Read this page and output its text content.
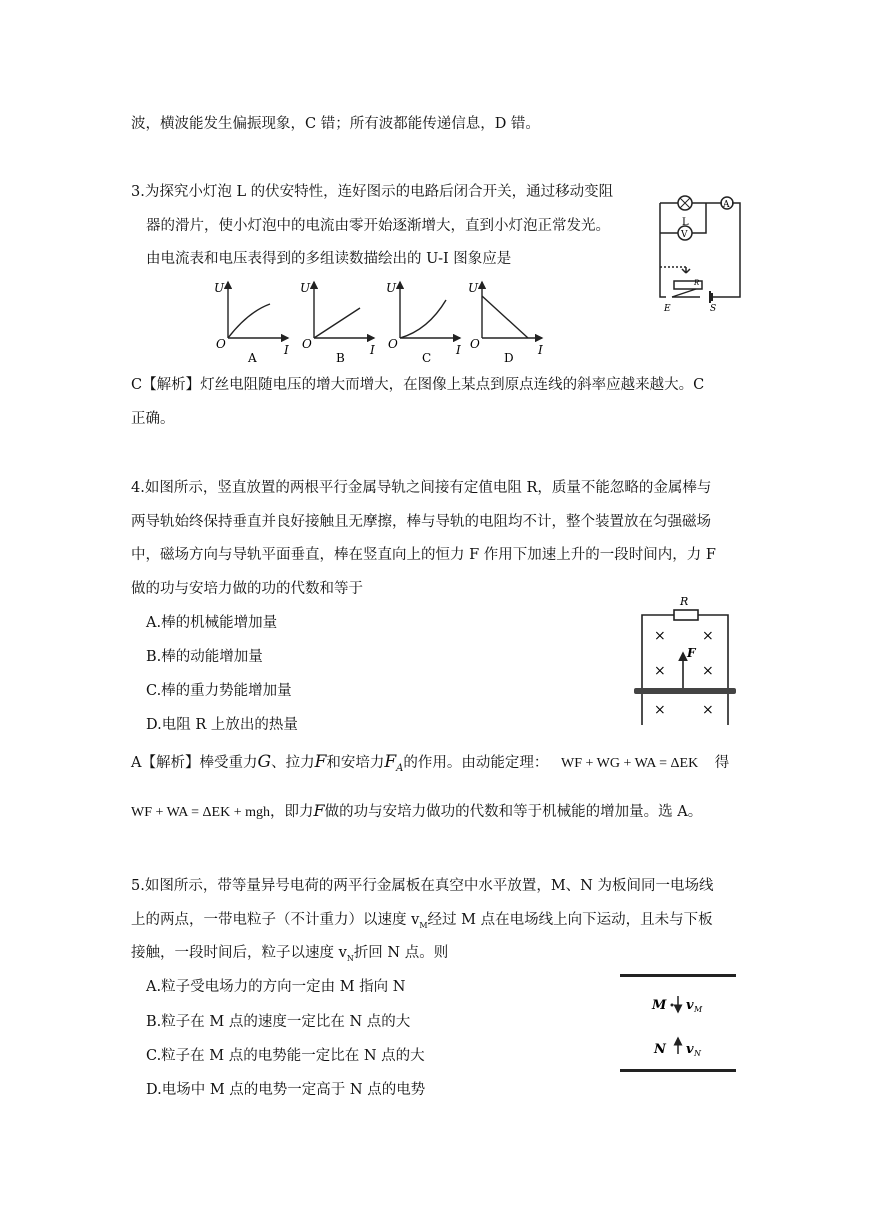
波，横波能发生偏振现象，C 错；所有波都能传递信息，D 错。
3.为探究小灯泡 L 的伏安特性，连好图示的电路后闭合开关，通过移动变阻
器的滑片，使小灯泡中的电流由零开始逐渐增大，直到小灯泡正常发光。
由电流表和电压表得到的多组读数描绘出的 U-I 图象应是
L
A
V
R
E	S
U	U	U	U
O	O	O	O
I	I	I	I
A	B	C	D
C【解析】灯丝电阻随电压的增大而增大，在图像上某点到原点连线的斜率应越来越大。C
正确。
4.如图所示，竖直放置的两根平行金属导轨之间接有定值电阻 R，质量不能忽略的金属棒与
两导轨始终保持垂直并良好接触且无摩擦，棒与导轨的电阻均不计，整个装置放在匀强磁场
中，磁场方向与导轨平面垂直，棒在竖直向上的恒力 F 作用下加速上升的一段时间内，力 F
做的功与安培力做的功的代数和等于
A.棒的机械能增加量
B.棒的动能增加量
C.棒的重力势能增加量
D.电阻 R 上放出的热量
R
F
×	×
×	×
×	×
A【解析】棒受重力G、拉力F和安培力$F_A$的作用。由动能定理： WF + WG + WA = ΔEK 得
WF + WA = ΔEK + mgh，即力F做的功与安培力做功的代数和等于机械能的增加量。选 A。
5.如图所示，带等量异号电荷的两平行金属板在真空中水平放置，M、N 为板间同一电场线
上的两点，一带电粒子（不计重力）以速度 $v_M$经过 M 点在电场线上向下运动，且未与下板
接触，一段时间后，粒子以速度 $v_N$折回 N 点。则
A.粒子受电场力的方向一定由 M 指向 N
B.粒子在 M 点的速度一定比在 N 点的大
C.粒子在 M 点的电势能一定比在 N 点的大
D.电场中 M 点的电势一定高于 N 点的电势
M
N
v
v
M
N
